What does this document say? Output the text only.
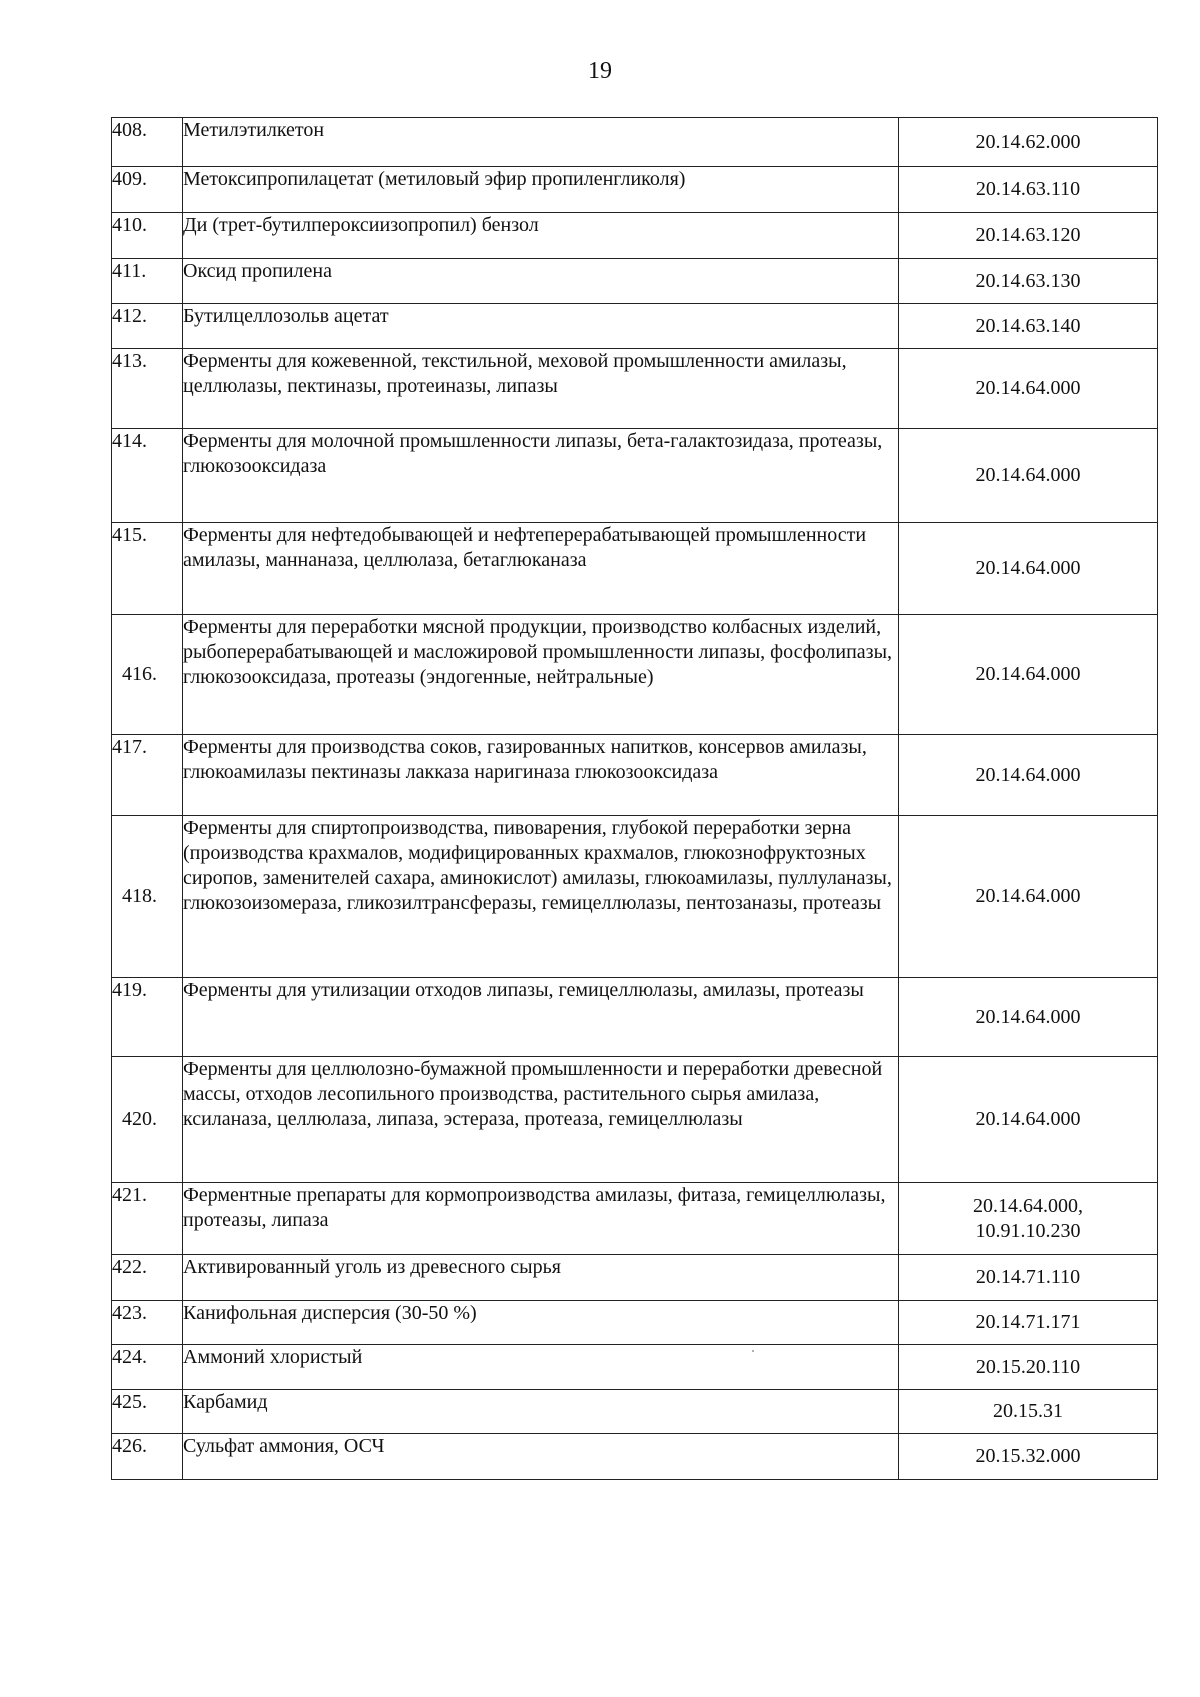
19
408.	Метилэтилкетон	20.14.62.000
409.	Метоксипропилацетат (метиловый эфир пропиленгликоля)	20.14.63.110
410.	Ди (трет-бутилпероксиизопропил) бензол	20.14.63.120
411.	Оксид пропилена	20.14.63.130
412.	Бутилцеллозольв ацетат	20.14.63.140
413.	Ферменты для кожевенной, текстильной, меховой промышленности амилазы, целлюлазы, пектиназы, протеиназы, липазы	20.14.64.000
414.	Ферменты для молочной промышленности липазы, бета-галактозидаза, протеазы, глюкозооксидаза	20.14.64.000
415.	Ферменты для нефтедобывающей и нефтеперерабатывающей промышленности амилазы, маннаназа, целлюлаза, бетаглюканаза	20.14.64.000
416.	Ферменты для переработки мясной продукции, производство колбасных изделий, рыбоперерабатывающей и масложировой промышленности липазы, фосфолипазы, глюкозооксидаза, протеазы (эндогенные, нейтральные)	20.14.64.000
417.	Ферменты для производства соков, газированных напитков, консервов амилазы, глюкоамилазы пектиназы лакказа наригиназа глюкозооксидаза	20.14.64.000
418.	Ферменты для спиртопроизводства, пивоварения, глубокой переработки зерна (производства крахмалов, модифицированных крахмалов, глюкознофруктозных сиропов, заменителей сахара, аминокислот) амилазы, глюкоамилазы, пуллуланазы, глюкозоизомераза, гликозилтрансферазы, гемицеллюлазы, пентозаназы, протеазы	20.14.64.000
419.	Ферменты для утилизации отходов липазы, гемицеллюлазы, амилазы, протеазы	20.14.64.000
420.	Ферменты для целлюлозно-бумажной промышленности и переработки древесной массы, отходов лесопильного производства, растительного сырья амилаза, ксиланаза, целлюлаза, липаза, эстераза, протеаза, гемицеллюлазы	20.14.64.000
421.	Ферментные препараты для кормопроизводства амилазы, фитаза, гемицеллюлазы, протеазы, липаза	20.14.64.000, 10.91.10.230
422.	Активированный уголь из древесного сырья	20.14.71.110
423.	Канифольная дисперсия (30-50 %)	20.14.71.171
424.	Аммоний хлористый	20.15.20.110
425.	Карбамид	20.15.31
426.	Сульфат аммония, ОСЧ	20.15.32.000
